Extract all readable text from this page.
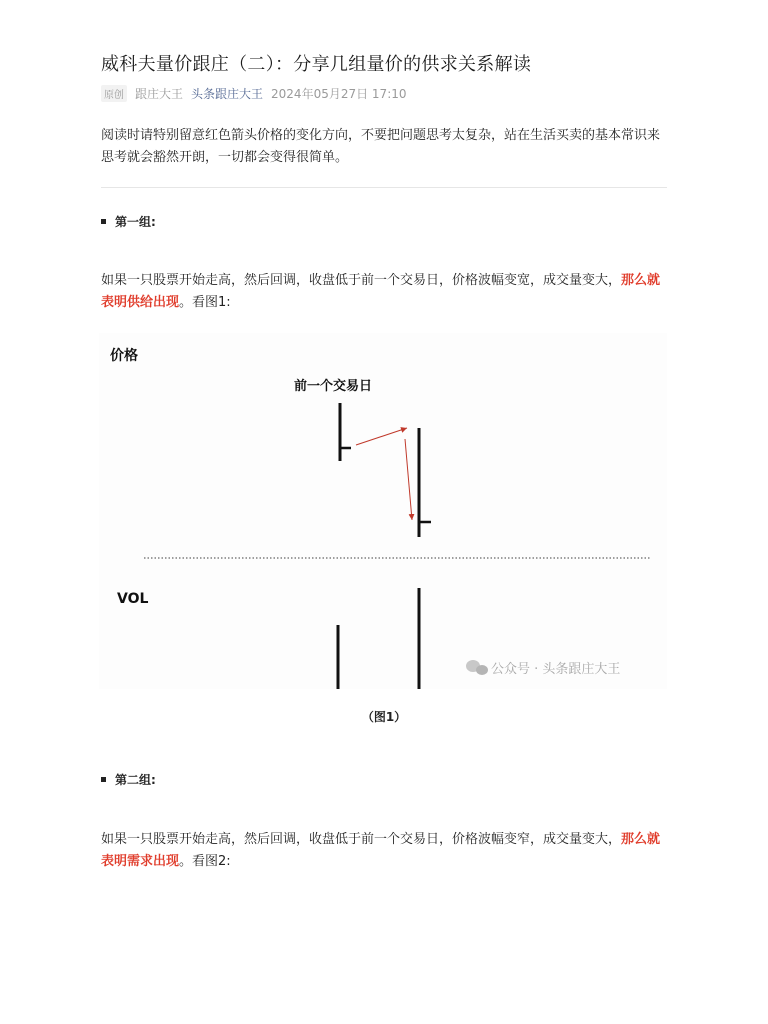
威科夫量价跟庄（二）：分享几组量价的供求关系解读
原创 跟庄大王 头条跟庄大王 2024年05月27日 17:10

阅读时请特别留意红色箭头价格的变化方向，不要把问题思考太复杂，站在生活买卖的基本常识来思考就会豁然开朗，一切都会变得很简单。

第一组:

如果一只股票开始走高，然后回调，收盘低于前一个交易日，价格波幅变宽，成交量变大，那么就表明供给出现。看图1:

价格
前一个交易日
VOL
公众号 · 头条跟庄大王
（图1）
第二组:

如果一只股票开始走高，然后回调，收盘低于前一个交易日，价格波幅变窄，成交量变大，那么就表明需求出现。看图2:
